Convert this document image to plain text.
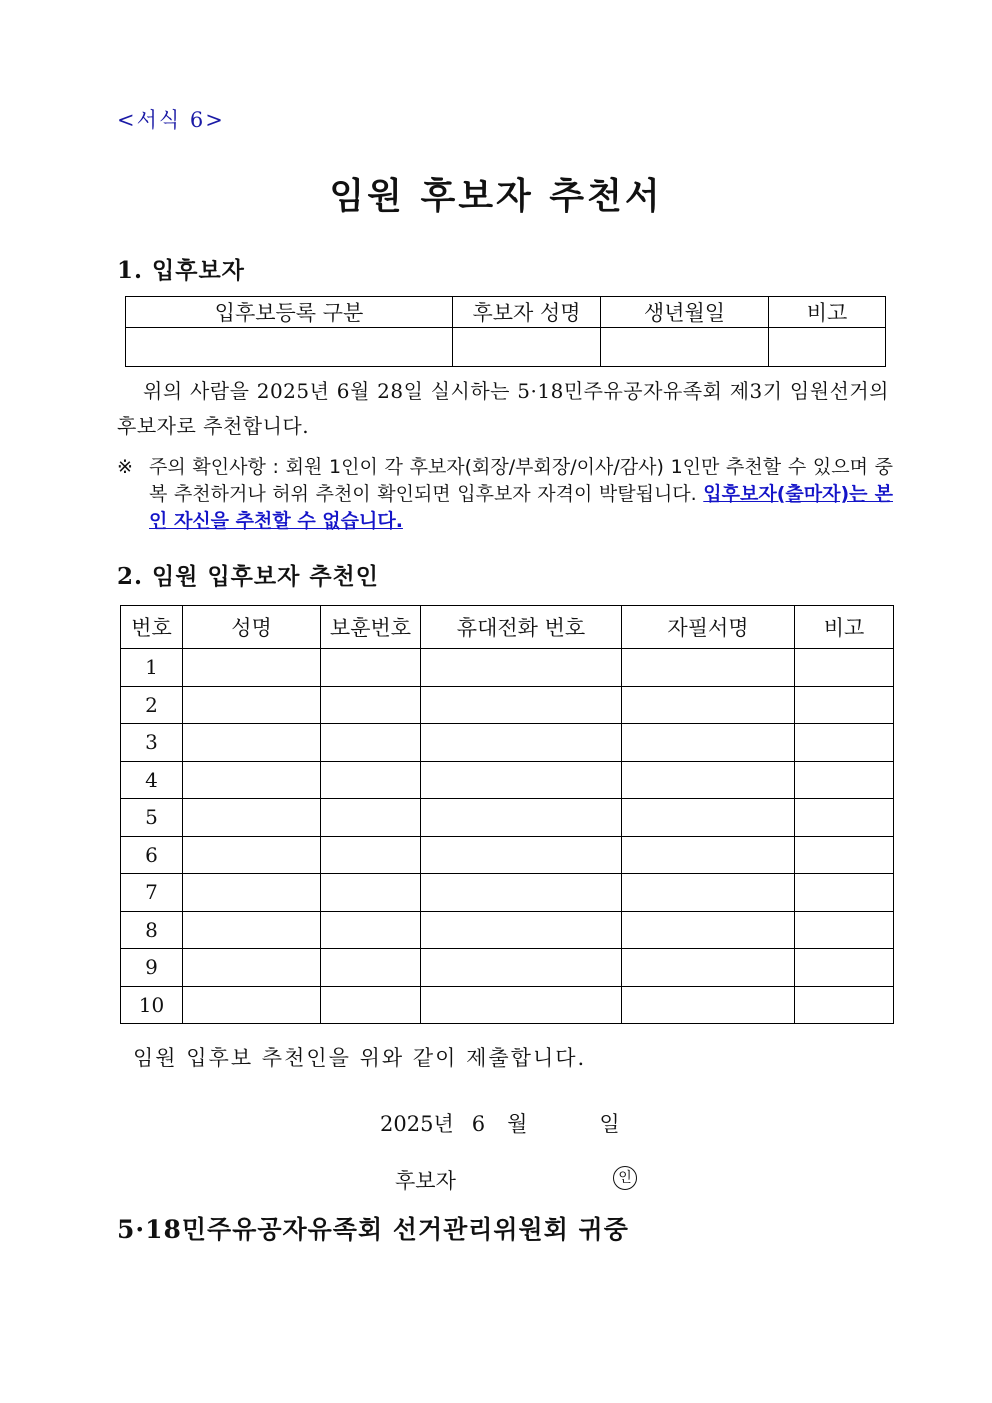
<서식 6>
임원 후보자 추천서
1. 입후보자
입후보등록 구분	후보자 성명	생년월일	비고

위의 사람을 2025년 6월 28일 실시하는 5·18민주유공자유족회 제3기 임원선거의 후보자로 추천합니다.
※ 주의 확인사항 : 회원 1인이 각 후보자(회장/부회장/이사/감사) 1인만 추천할 수 있으며 중복 추천하거나 허위 추천이 확인되면 입후보자 자격이 박탈됩니다. 입후보자(출마자)는 본인 자신을 추천할 수 없습니다.
2. 임원 입후보자 추천인
번호	성명	보훈번호	휴대전화 번호	자필서명	비고
1					
2					
3					
4					
5					
6					
7					
8					
9					
10					
임원 입후보 추천인을 위와 같이 제출합니다.
2025년 6 월	일
후보자	인
5·18민주유공자유족회 선거관리위원회 귀중
